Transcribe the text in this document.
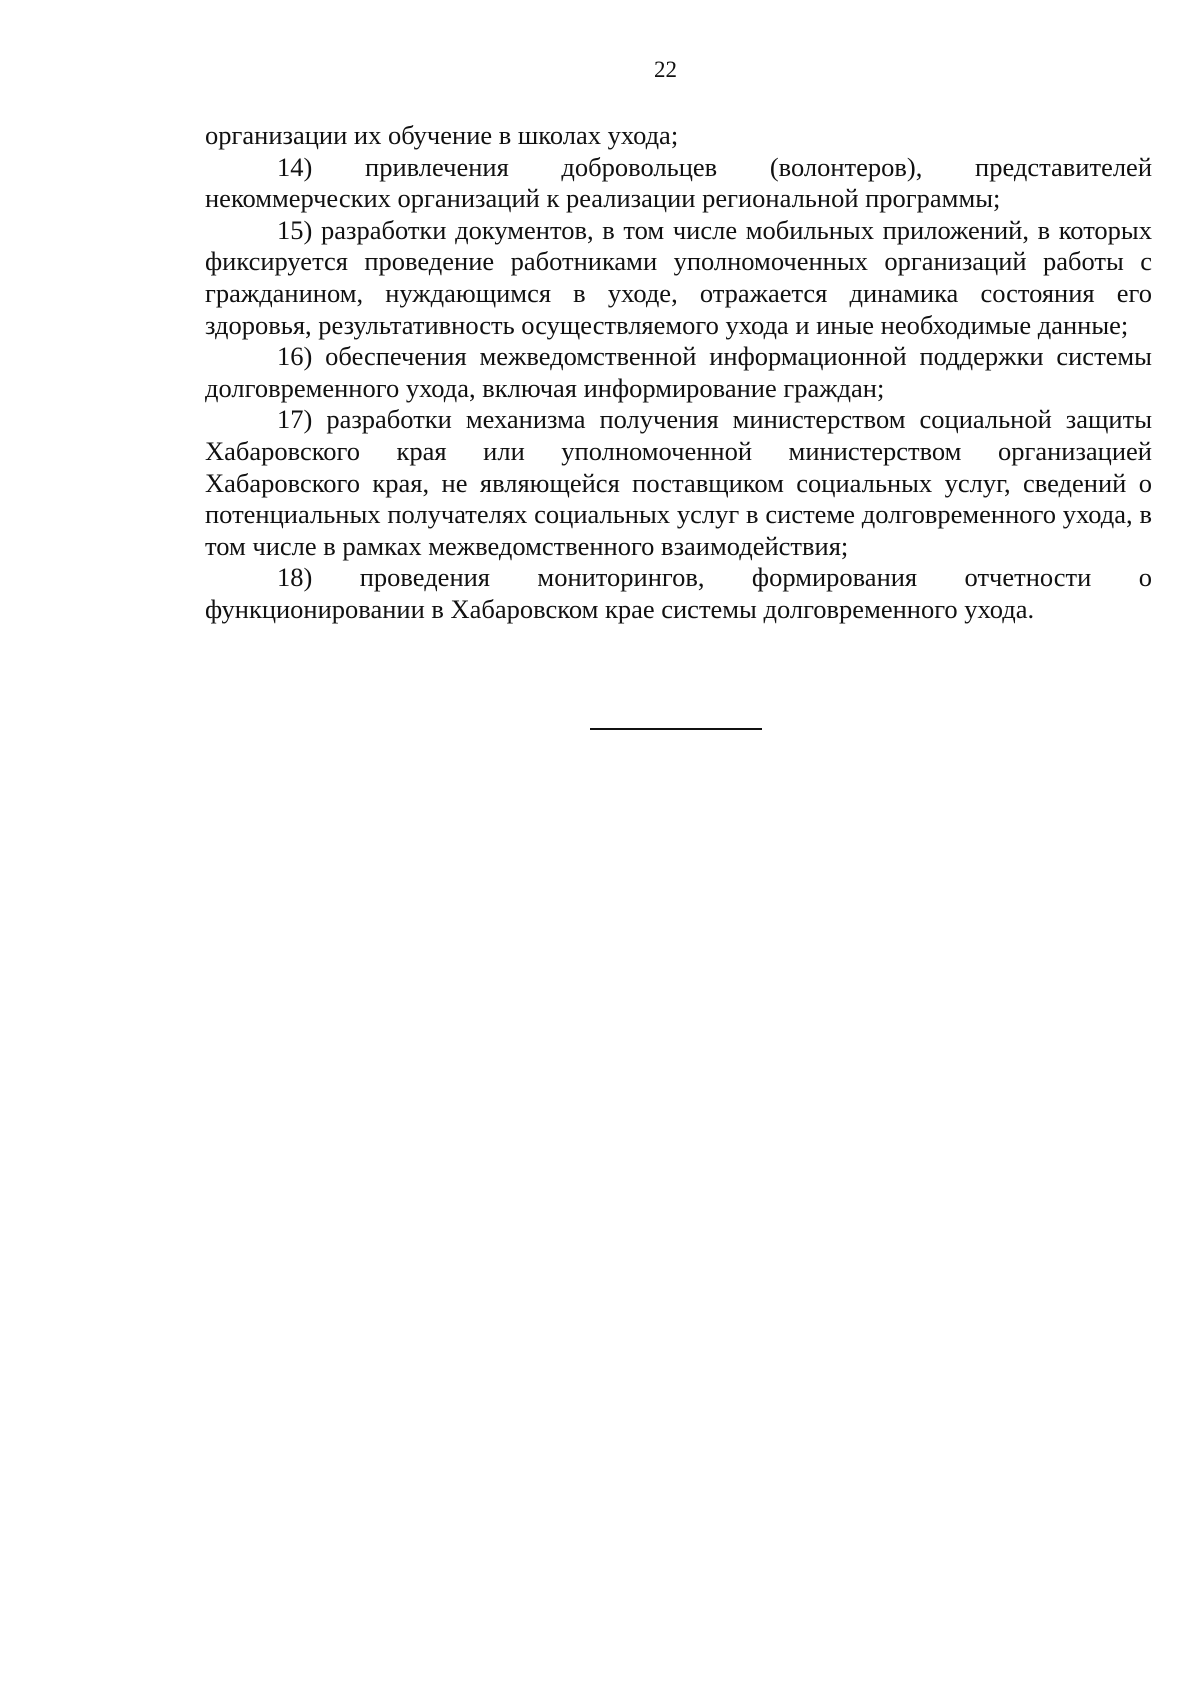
22

организации их обучение в школах ухода;

14) привлечения добровольцев (волонтеров), представителей некоммерческих организаций к реализации региональной программы;

15) разработки документов, в том числе мобильных приложений, в которых фиксируется проведение работниками уполномоченных организаций работы с гражданином, нуждающимся в уходе, отражается динамика состояния его здоровья, результативность осуществляемого ухода и иные необходимые данные;

16) обеспечения межведомственной информационной поддержки системы долговременного ухода, включая информирование граждан;

17) разработки механизма получения министерством социальной защиты Хабаровского края или уполномоченной министерством организацией Хабаровского края, не являющейся поставщиком социальных услуг, сведений о потенциальных получателях социальных услуг в системе долговременного ухода, в том числе в рамках межведомственного взаимодействия;

18) проведения мониторингов, формирования отчетности о функционировании в Хабаровском крае системы долговременного ухода.
